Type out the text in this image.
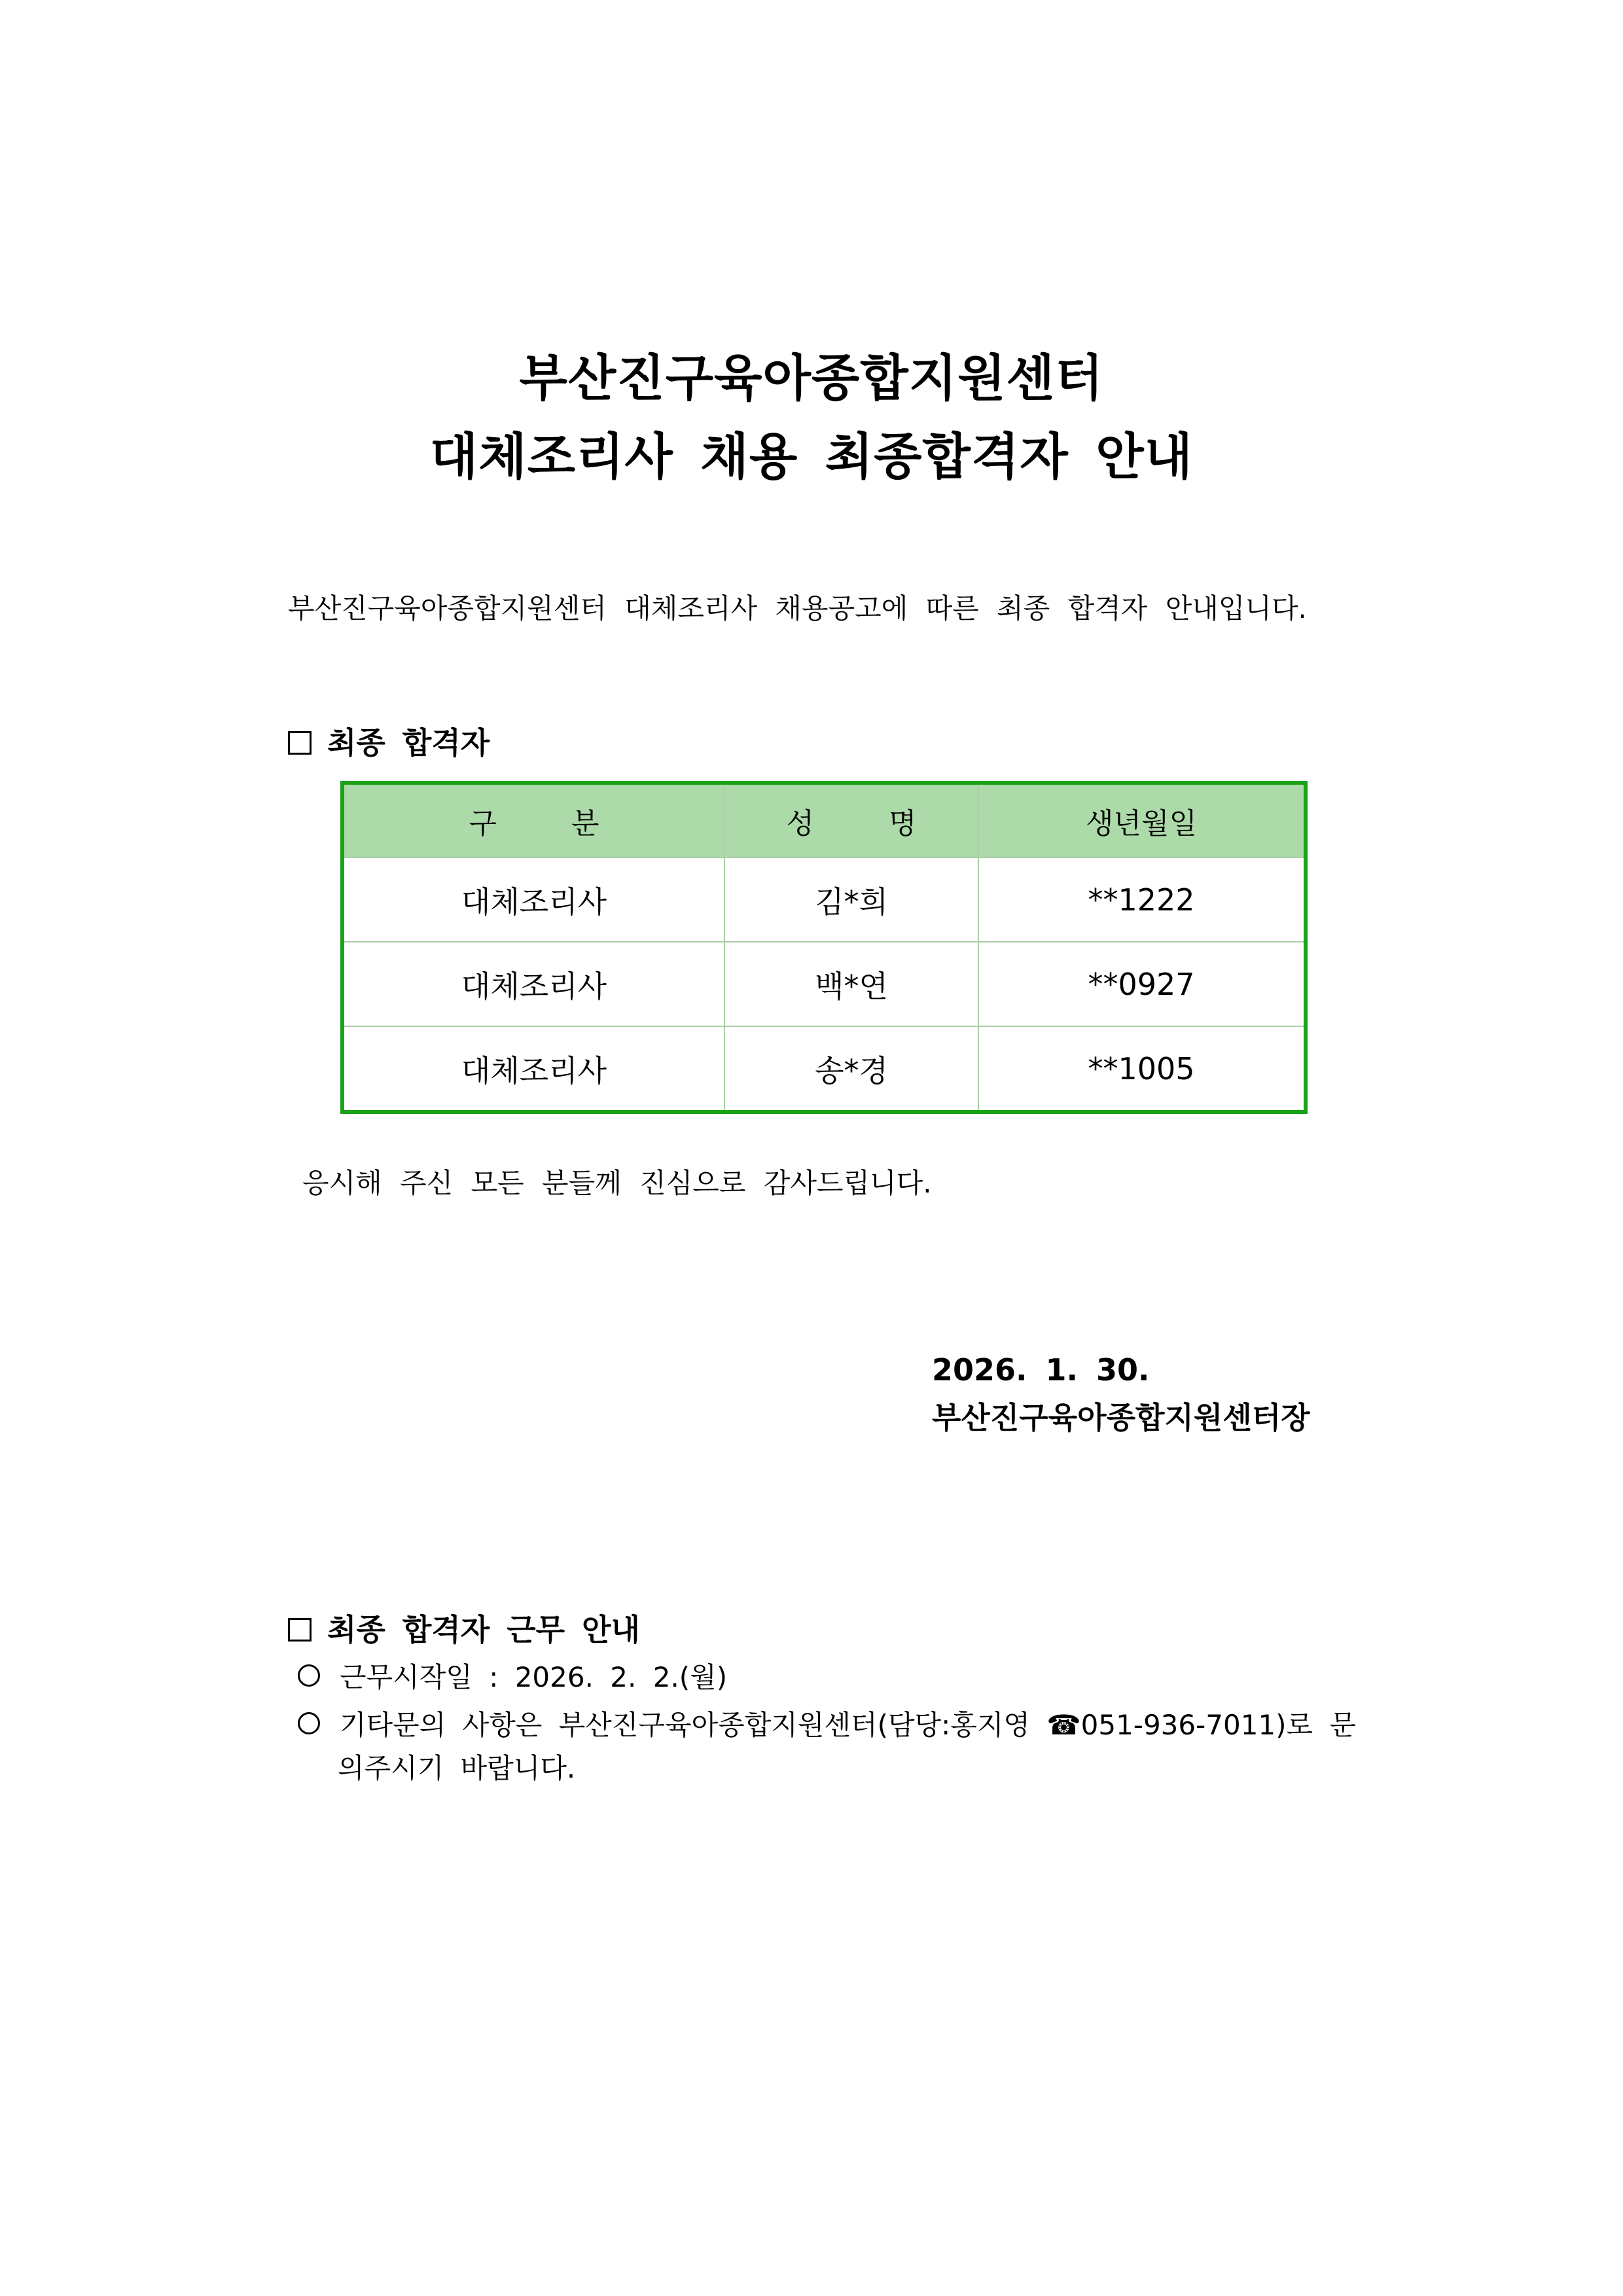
부산진구육아종합지원센터
대체조리사 채용 최종합격자 안내
부산진구육아종합지원센터 대체조리사 채용공고에 따른 최종 합격자 안내입니다.
최종 합격자
구 분	성 명	생년월일
대체조리사	김*희	**1222
대체조리사	백*연	**0927
대체조리사	송*경	**1005
응시해 주신 모든 분들께 진심으로 감사드립니다.
2026. 1. 30.
부산진구육아종합지원센터장
최종 합격자 근무 안내
근무시작일 : 2026. 2. 2.(월)
기타문의 사항은 부산진구육아종합지원센터(담당:홍지영 ☎051-936-7011)로 문
의주시기 바랍니다.
